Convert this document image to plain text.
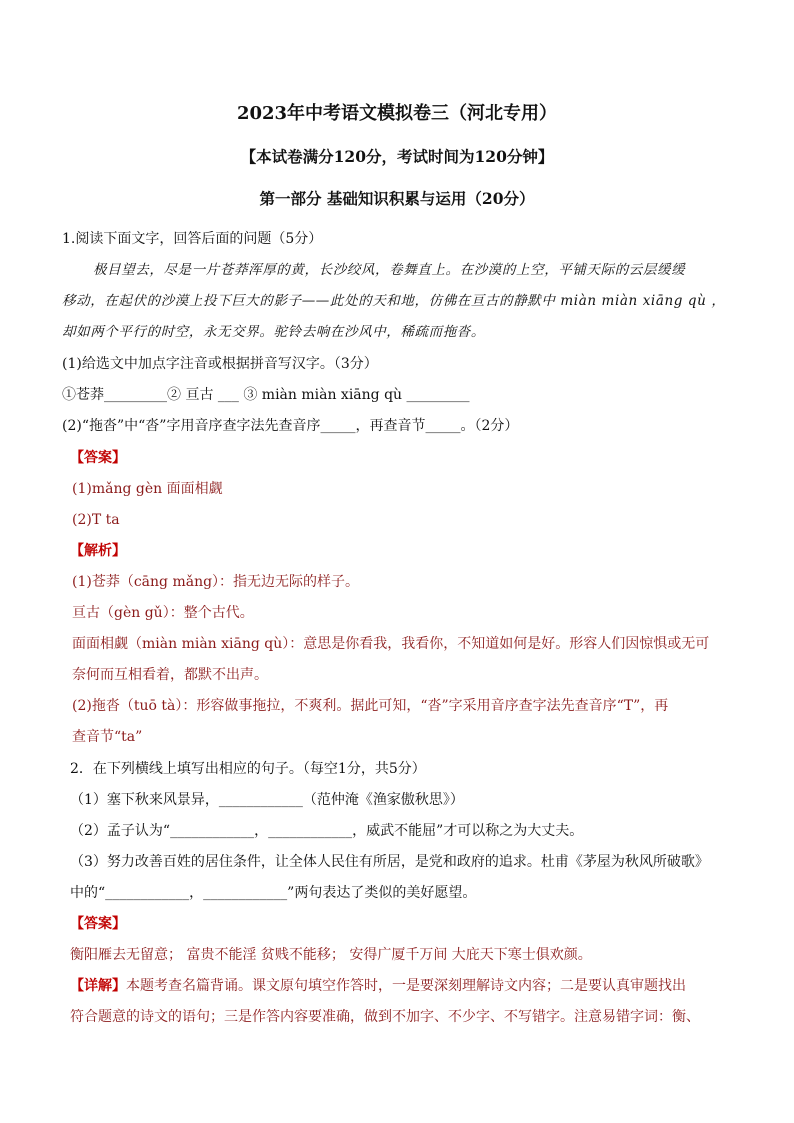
2023年中考语文模拟卷三（河北专用）
【本试卷满分120分，考试时间为120分钟】
第一部分 基础知识积累与运用（20分）
1.阅读下面文字，回答后面的问题（5分）
极目望去，尽是一片苍莽浑厚的黄，长沙绞风，卷舞直上。在沙漠的上空，平铺天际的云层缓缓
移动，在起伏的沙漠上投下巨大的影子——此处的天和地，仿佛在亘古的静默中 miàn miàn xiāng qù ，
却如两个平行的时空，永无交界。驼铃去响在沙风中，稀疏而拖沓。
(1)给选文中加点字注音或根据拼音写汉字。（3分）
①苍莽_________② 亘古 ___ ③ miàn miàn xiāng qù _________
(2)“拖沓”中“沓”字用音序查字法先查音序_____，再查音节_____。（2分）
【答案】
(1)mǎng gèn 面面相觑
(2)T ta
【解析】
(1)苍莽（cāng mǎng）：指无边无际的样子。
亘古（gèn gǔ）：整个古代。
面面相觑（miàn miàn xiāng qù）：意思是你看我，我看你，不知道如何是好。形容人们因惊惧或无可
奈何而互相看着，都默不出声。
(2)拖沓（tuō tà）：形容做事拖拉，不爽利。据此可知，“沓”字采用音序查字法先查音序“T”，再
查音节“ta”
2．在下列横线上填写出相应的句子。（每空1分，共5分）
（1）塞下秋来风景异，____________（范仲淹《渔家傲秋思》）
（2）孟子认为“____________，____________，威武不能屈”才可以称之为大丈夫。
（3）努力改善百姓的居住条件，让全体人民住有所居，是党和政府的追求。杜甫《茅屋为秋风所破歌》
中的“____________，____________”两句表达了类似的美好愿望。
【答案】
衡阳雁去无留意； 富贵不能淫 贫贱不能移； 安得广厦千万间 大庇天下寒士俱欢颜。
【详解】本题考查名篇背诵。课文原句填空作答时，一是要深刻理解诗文内容；二是要认真审题找出
符合题意的诗文的语句；三是作答内容要准确，做到不加字、不少字、不写错字。注意易错字词：衡、
